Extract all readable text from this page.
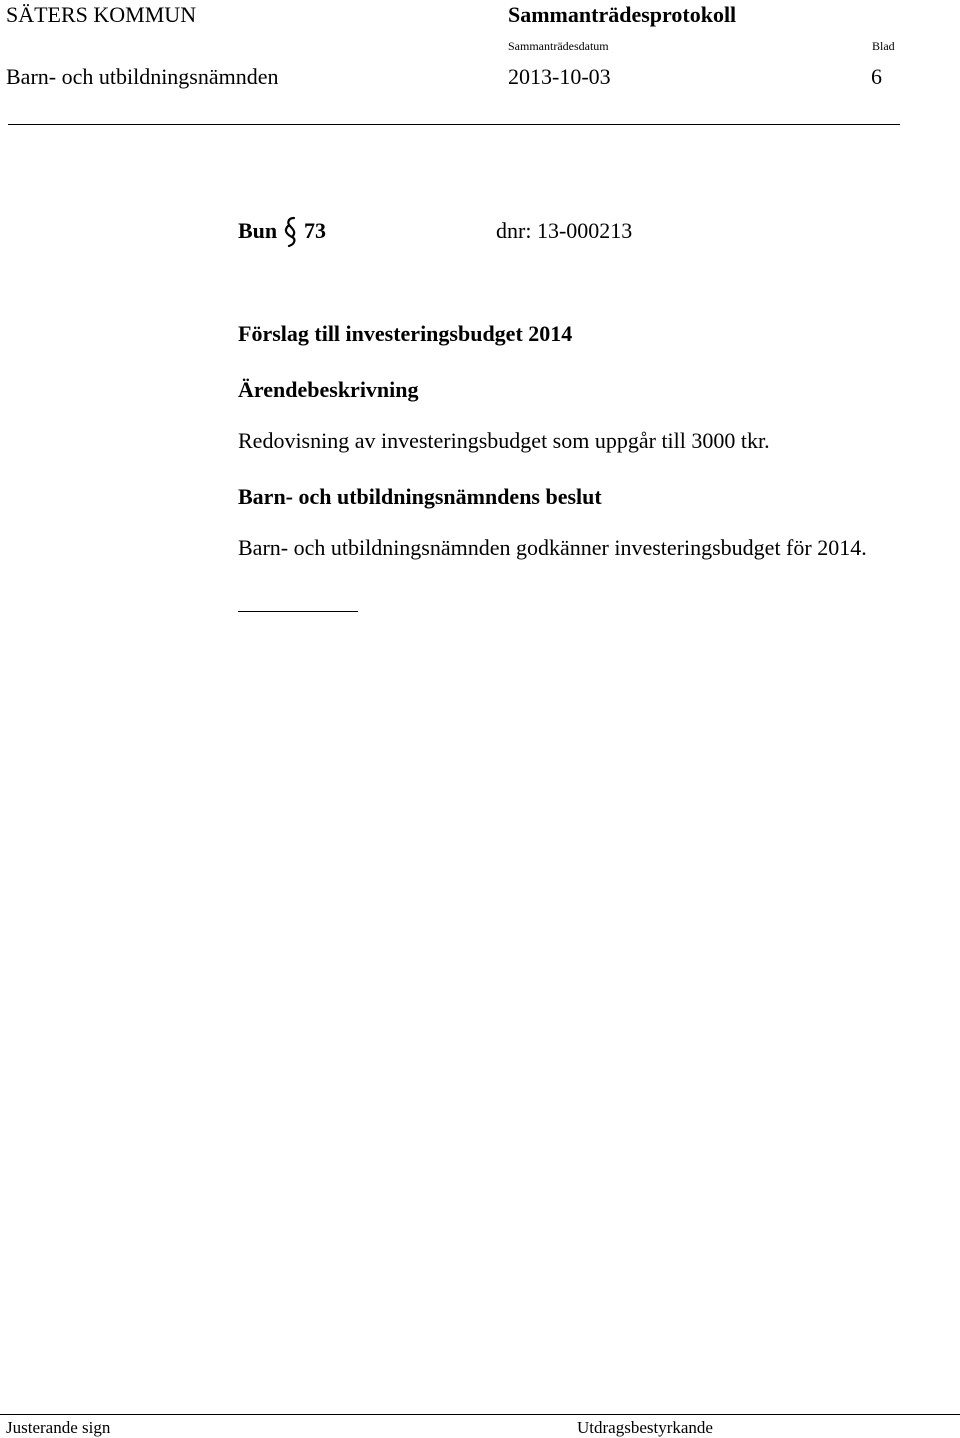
SÄTERS KOMMUN	Sammanträdesprotokoll
Sammanträdesdatum	Blad
Barn- och utbildningsnämnden	2013-10-03	6
Bun 73	dnr: 13-000213
Förslag till investeringsbudget 2014
Ärendebeskrivning
Redovisning av investeringsbudget som uppgår till 3000 tkr.
Barn- och utbildningsnämndens beslut
Barn- och utbildningsnämnden godkänner investeringsbudget för 2014.
Justerande sign	Utdragsbestyrkande
